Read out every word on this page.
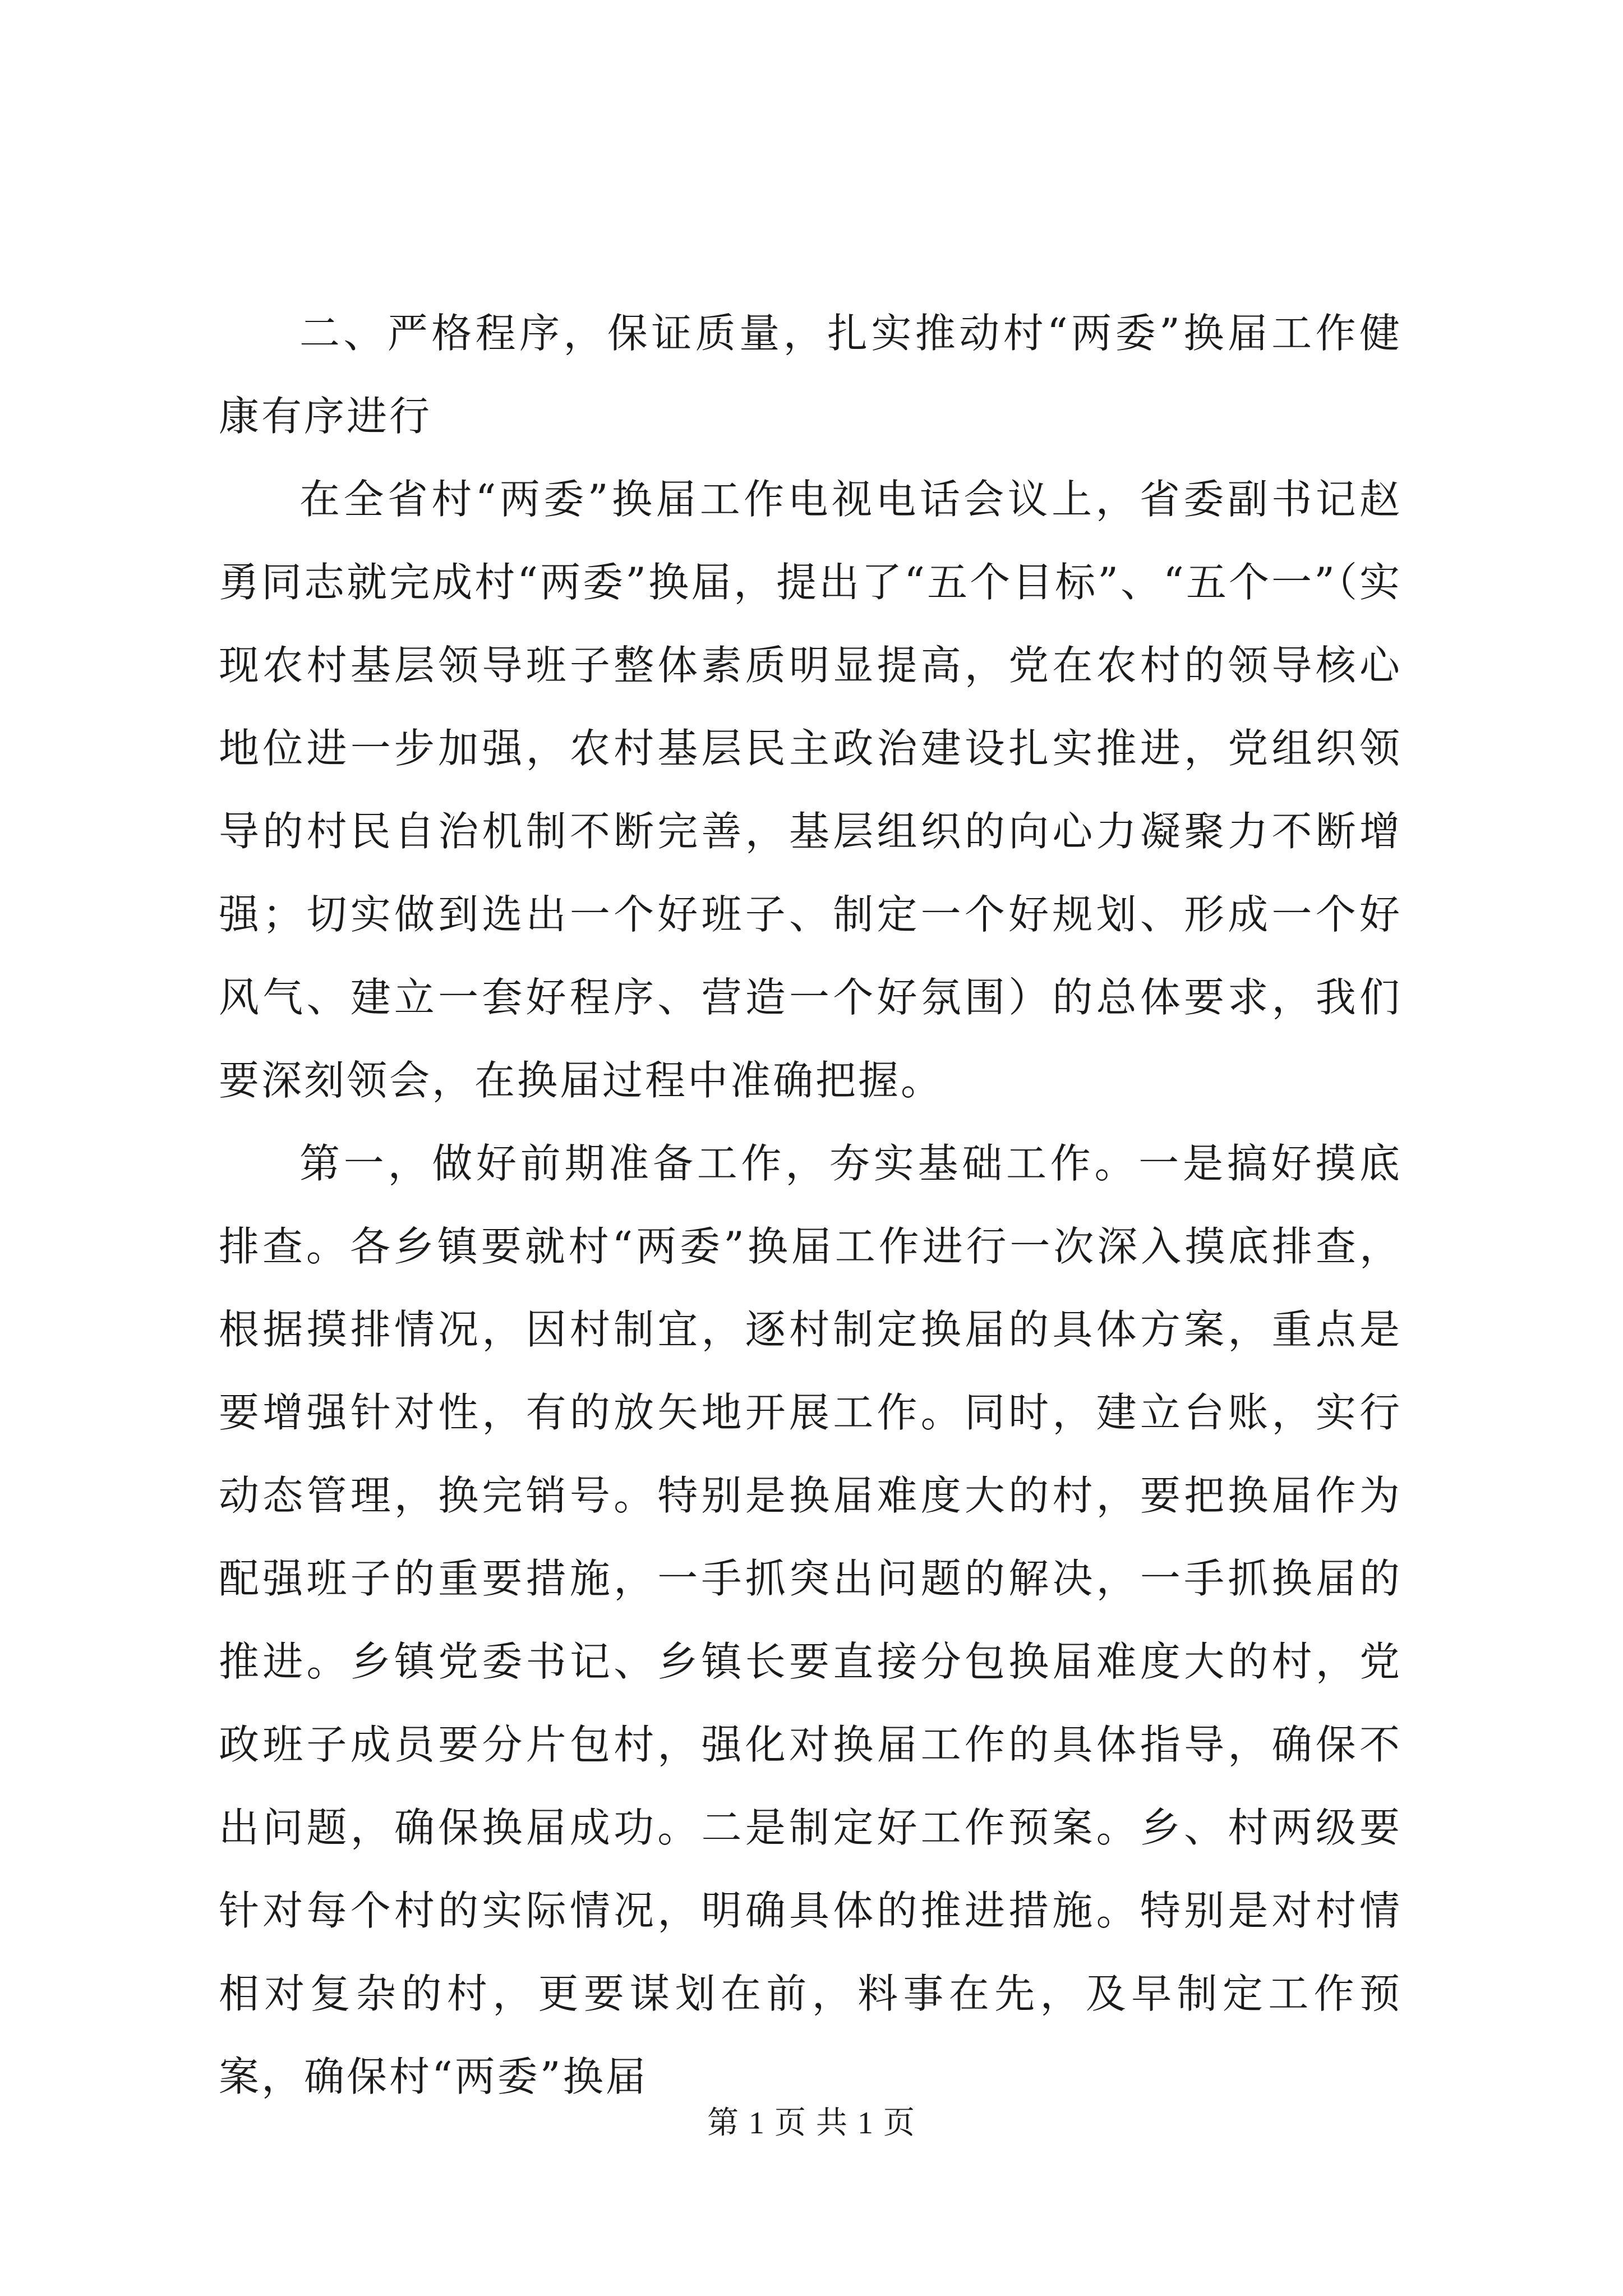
二、严格程序，保证质量，扎实推动村“两委”换届工作健康有序进行

在全省村“两委”换届工作电视电话会议上，省委副书记赵勇同志就完成村“两委”换届，提出了“五个目标”、“五个一”（实现农村基层领导班子整体素质明显提高，党在农村的领导核心地位进一步加强，农村基层民主政治建设扎实推进，党组织领导的村民自治机制不断完善，基层组织的向心力凝聚力不断增强；切实做到选出一个好班子、制定一个好规划、形成一个好风气、建立一套好程序、营造一个好氛围）的总体要求，我们要深刻领会，在换届过程中准确把握。

第一，做好前期准备工作，夯实基础工作。一是搞好摸底排查。各乡镇要就村“两委”换届工作进行一次深入摸底排查，根据摸排情况，因村制宜，逐村制定换届的具体方案，重点是要增强针对性，有的放矢地开展工作。同时，建立台账，实行动态管理，换完销号。特别是换届难度大的村，要把换届作为配强班子的重要措施，一手抓突出问题的解决，一手抓换届的推进。乡镇党委书记、乡镇长要直接分包换届难度大的村，党政班子成员要分片包村，强化对换届工作的具体指导，确保不出问题，确保换届成功。二是制定好工作预案。乡、村两级要针对每个村的实际情况，明确具体的推进措施。特别是对村情相对复杂的村，更要谋划在前，料事在先，及早制定工作预案，确保村“两委”换届

第 1 页 共 1 页
